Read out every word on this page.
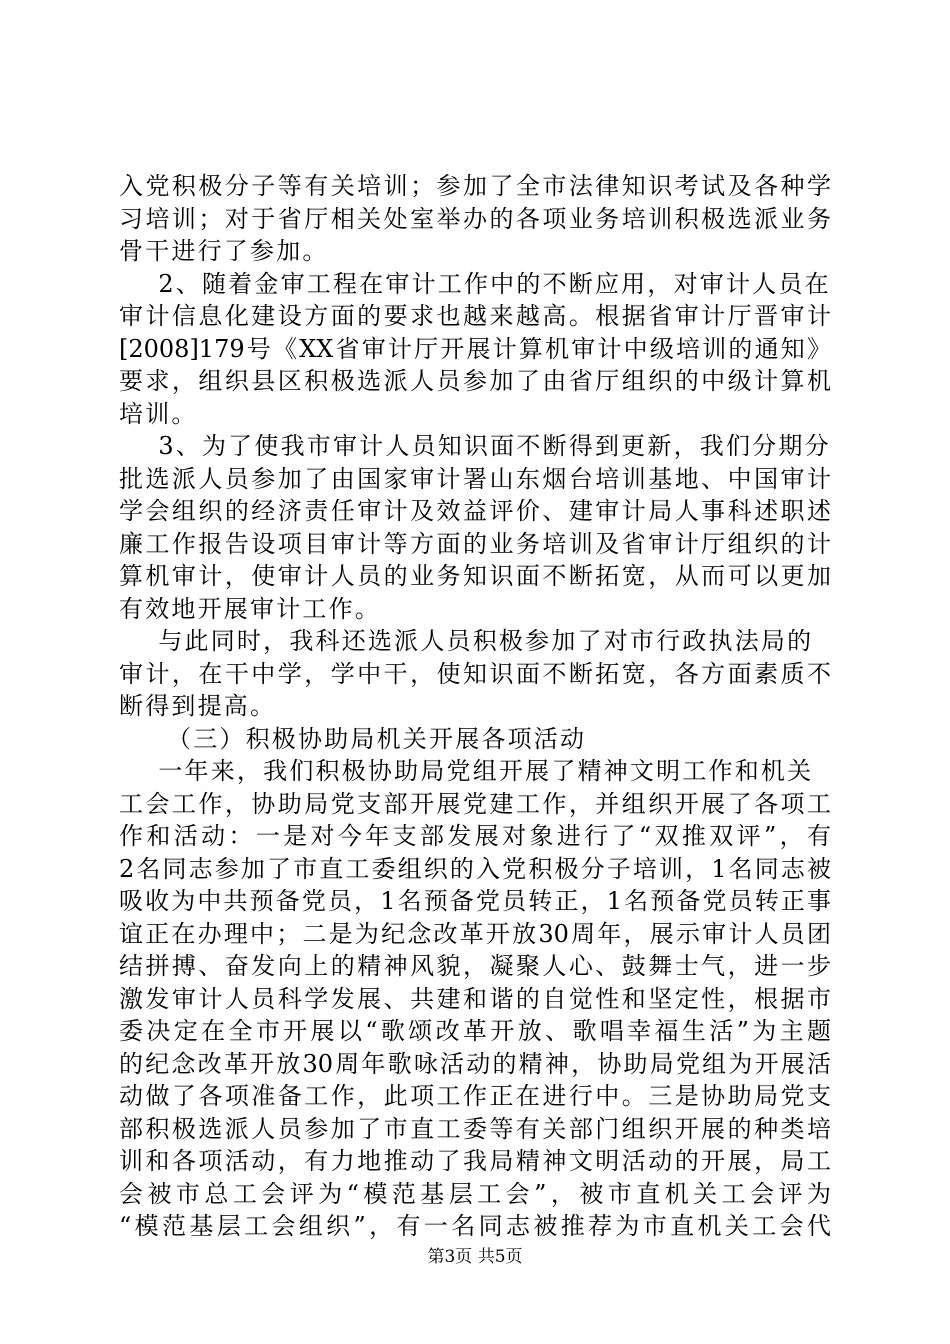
入党积极分子等有关培训；参加了全市法律知识考试及各种学
习培训；对于省厅相关处室举办的各项业务培训积极选派业务
骨干进行了参加。
2、随着金审工程在审计工作中的不断应用，对审计人员在
审计信息化建设方面的要求也越来越高。根据省审计厅晋审计
[2008]179号《XX省审计厅开展计算机审计中级培训的通知》
要求，组织县区积极选派人员参加了由省厅组织的中级计算机
培训。
3、为了使我市审计人员知识面不断得到更新，我们分期分
批选派人员参加了由国家审计署山东烟台培训基地、中国审计
学会组织的经济责任审计及效益评价、建审计局人事科述职述
廉工作报告设项目审计等方面的业务培训及省审计厅组织的计
算机审计，使审计人员的业务知识面不断拓宽，从而可以更加
有效地开展审计工作。
与此同时，我科还选派人员积极参加了对市行政执法局的
审计，在干中学，学中干，使知识面不断拓宽，各方面素质不
断得到提高。
（三）积极协助局机关开展各项活动
一年来，我们积极协助局党组开展了精神文明工作和机关
工会工作，协助局党支部开展党建工作，并组织开展了各项工
作和活动：一是对今年支部发展对象进行了“双推双评”，有
2名同志参加了市直工委组织的入党积极分子培训，1名同志被
吸收为中共预备党员，1名预备党员转正，1名预备党员转正事
谊正在办理中；二是为纪念改革开放30周年，展示审计人员团
结拼搏、奋发向上的精神风貌，凝聚人心、鼓舞士气，进一步
激发审计人员科学发展、共建和谐的自觉性和坚定性，根据市
委决定在全市开展以“歌颂改革开放、歌唱幸福生活”为主题
的纪念改革开放30周年歌咏活动的精神，协助局党组为开展活
动做了各项准备工作，此项工作正在进行中。三是协助局党支
部积极选派人员参加了市直工委等有关部门组织开展的种类培
训和各项活动，有力地推动了我局精神文明活动的开展，局工
会被市总工会评为“模范基层工会”，被市直机关工会评为
“模范基层工会组织”，有一名同志被推荐为市直机关工会代
第3页 共5页
